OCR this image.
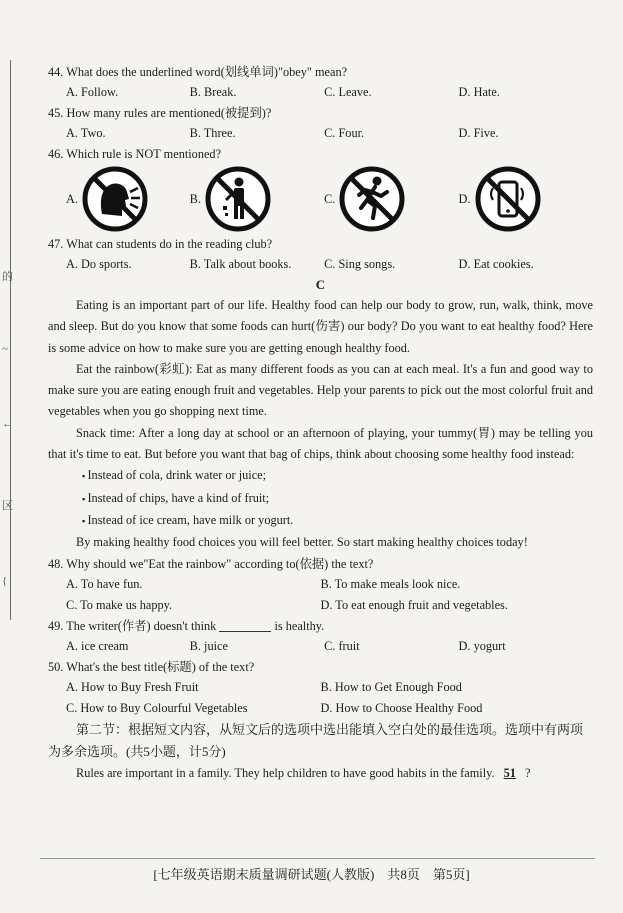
的
~
←
区
{
44. What does the underlined word(划线单词)"obey" mean?
A. Follow.	B. Break.	C. Leave.	D. Hate.
45. How many rules are mentioned(被提到)?
A. Two.	B. Three.	C. Four.	D. Five.
46. Which rule is NOT mentioned?
A.	B.	C.	D.
47. What can students do in the reading club?
A. Do sports.	B. Talk about books.	C. Sing songs.	D. Eat cookies.
C
Eating is an important part of our life. Healthy food can help our body to grow, run, walk, think, move and sleep. But do you know that some foods can hurt(伤害) our body? Do you want to eat healthy food? Here is some advice on how to make sure you are getting enough healthy food.
Eat the rainbow(彩虹): Eat as many different foods as you can at each meal. It's a fun and good way to make sure you are eating enough fruit and vegetables. Help your parents to pick out the most colorful fruit and vegetables when you go shopping next time.
Snack time: After a long day at school or an afternoon of playing, your tummy(胃) may be telling you that it's time to eat. But before you want that bag of chips, think about choosing some healthy food instead:
▪ Instead of cola, drink water or juice;
▪ Instead of chips, have a kind of fruit;
▪ Instead of ice cream, have milk or yogurt.
By making healthy food choices you will feel better. So start making healthy choices today!
48. Why should we"Eat the rainbow" according to(依据) the text?
A. To have fun.	B. To make meals look nice.
C. To make us happy.	D. To eat enough fruit and vegetables.
49. The writer(作者) doesn't think	is healthy.
A. ice cream	B. juice	C. fruit	D. yogurt
50. What's the best title(标题) of the text?
A. How to Buy Fresh Fruit	B. How to Get Enough Food
C. How to Buy Colourful Vegetables	D. How to Choose Healthy Food
第二节：根据短文内容，从短文后的选项中选出能填入空白处的最佳选项。选项中有两项为多余选项。(共5小题，计5分)
Rules are important in a family. They help children to have good habits in the family. 51 ?
[七年级英语期末质量调研试题(人教版)　共8页　第5页]
